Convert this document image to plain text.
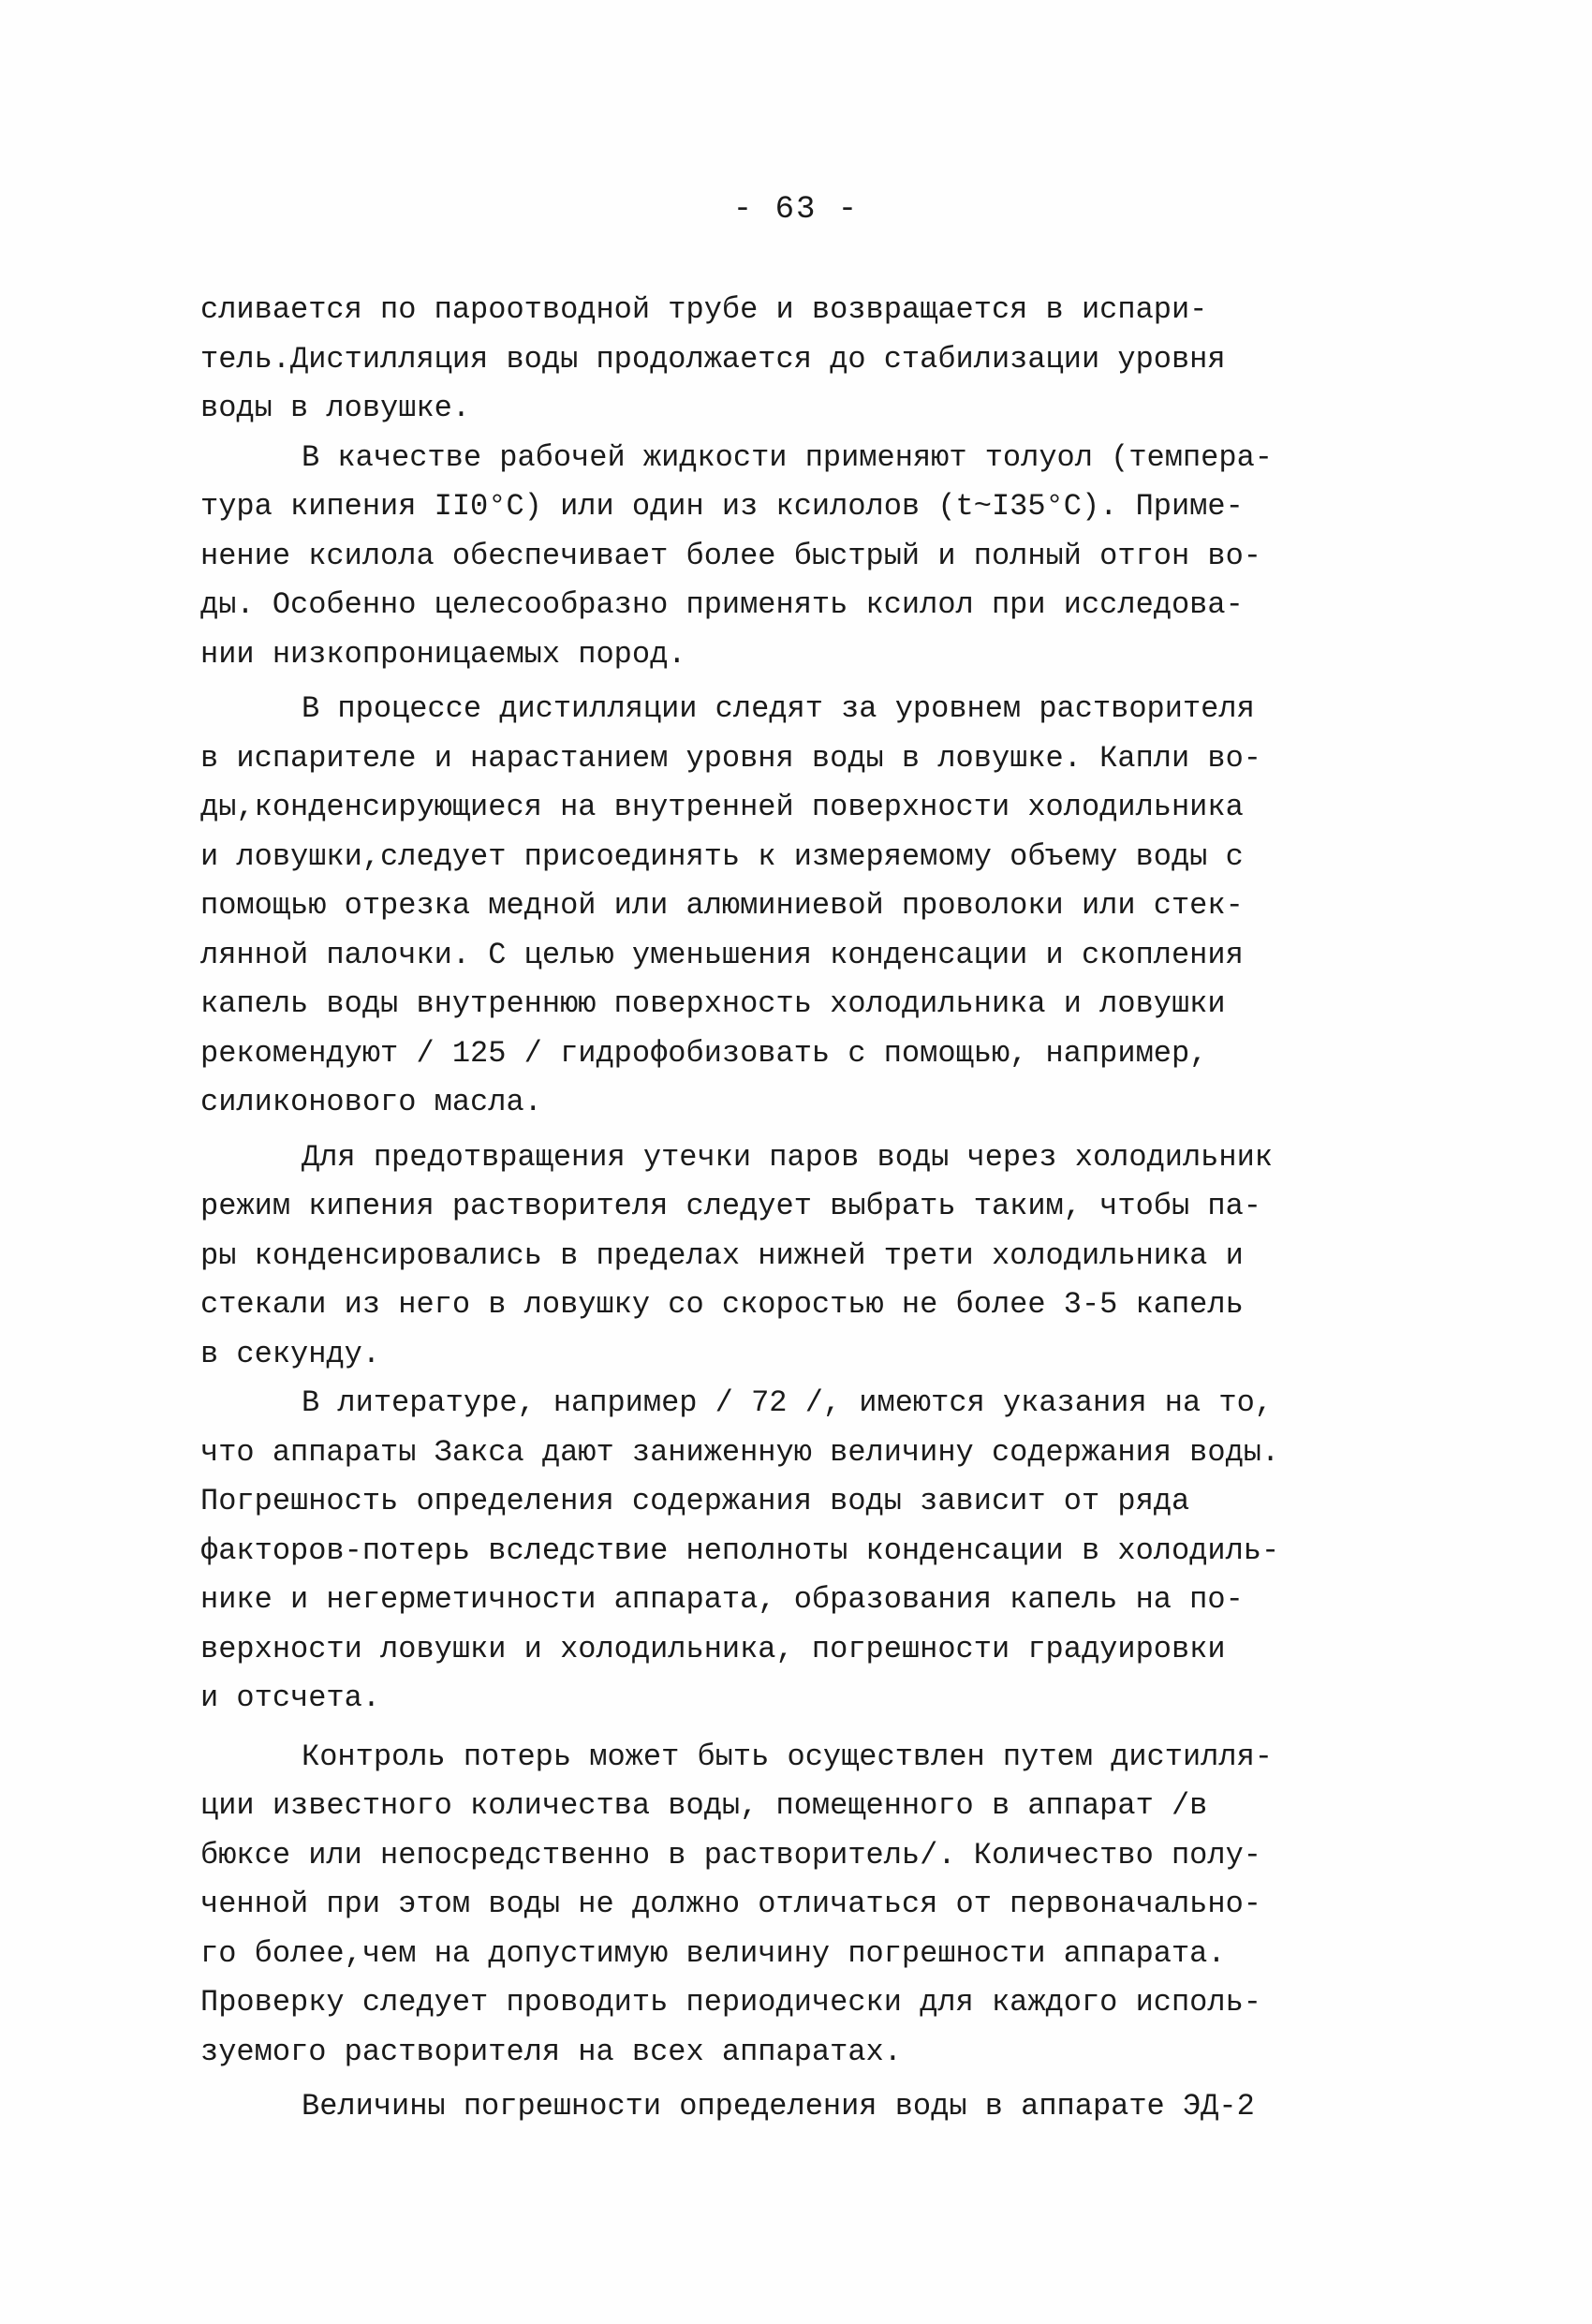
- 63 -
сливается по пароотводной трубе и возвращается в испари-
тель.Дистилляция воды продолжается до стабилизации уровня
воды в ловушке.
В качестве рабочей жидкости применяют толуол (темпера-
тура кипения II0°С) или один из ксилолов (t~I35°С). Приме-
нение ксилола обеспечивает более быстрый и полный отгон во-
ды. Особенно целесообразно применять ксилол при исследова-
нии низкопроницаемых пород.
В процессе дистилляции следят за уровнем растворителя
в испарителе и нарастанием уровня воды в ловушке. Капли во-
ды,конденсирующиеся на внутренней поверхности холодильника
и ловушки,следует присоединять к измеряемому объему воды с
помощью отрезка медной или алюминиевой проволоки или стек-
лянной палочки. С целью уменьшения конденсации и скопления
капель воды внутреннюю поверхность холодильника и ловушки
рекомендуют / 125 / гидрофобизовать с помощью, например,
силиконового масла.
Для предотвращения утечки паров воды через холодильник
режим кипения растворителя следует выбрать таким, чтобы па-
ры конденсировались в пределах нижней трети холодильника и
стекали из него в ловушку со скоростью не более 3-5 капель
в секунду.
В литературе, например / 72 /, имеются указания на то,
что аппараты Закса дают заниженную величину содержания воды.
Погрешность определения содержания воды зависит от ряда
факторов-потерь вследствие неполноты конденсации в холодиль-
нике и негерметичности аппарата, образования капель на по-
верхности ловушки и холодильника, погрешности градуировки
и отсчета.
Контроль потерь может быть осуществлен путем дистилля-
ции известного количества воды, помещенного в аппарат /в
бюксе или непосредственно в растворитель/. Количество полу-
ченной при этом воды не должно отличаться от первоначально-
го более,чем на допустимую величину погрешности аппарата.
Проверку следует проводить периодически для каждого исполь-
зуемого растворителя на всех аппаратах.
Величины погрешности определения воды в аппарате ЭД-2
